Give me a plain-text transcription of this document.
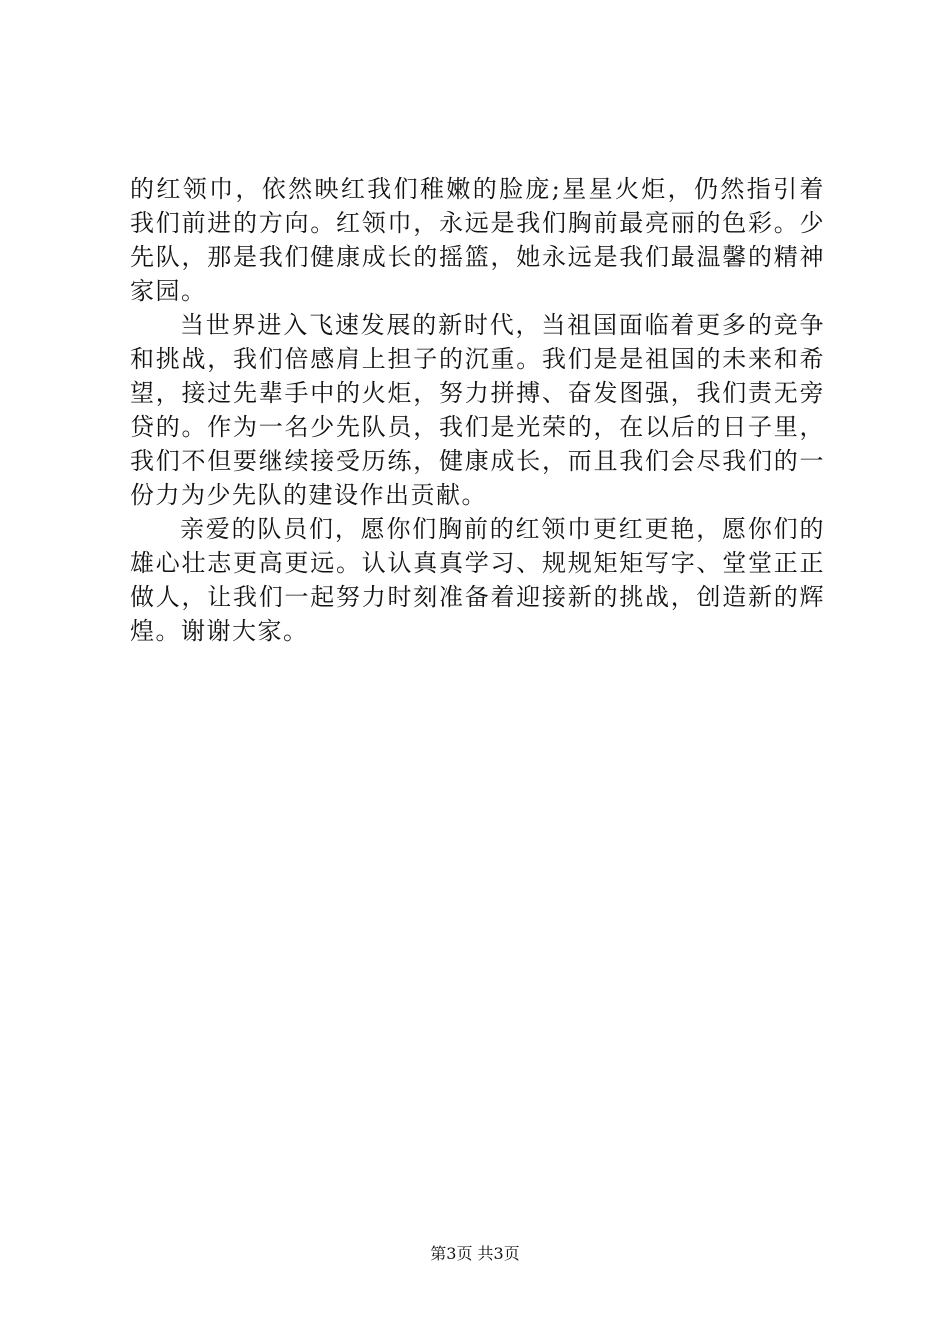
的红领巾，依然映红我们稚嫩的脸庞;星星火炬，仍然指引着我们前进的方向。红领巾，永远是我们胸前最亮丽的色彩。少先队，那是我们健康成长的摇篮，她永远是我们最温馨的精神家园。

当世界进入飞速发展的新时代，当祖国面临着更多的竞争和挑战，我们倍感肩上担子的沉重。我们是是祖国的未来和希望，接过先辈手中的火炬，努力拼搏、奋发图强，我们责无旁贷的。作为一名少先队员，我们是光荣的，在以后的日子里，我们不但要继续接受历练，健康成长，而且我们会尽我们的一份力为少先队的建设作出贡献。

亲爱的队员们，愿你们胸前的红领巾更红更艳，愿你们的雄心壮志更高更远。认认真真学习、规规矩矩写字、堂堂正正做人，让我们一起努力时刻准备着迎接新的挑战，创造新的辉煌。谢谢大家。

第3页 共3页
